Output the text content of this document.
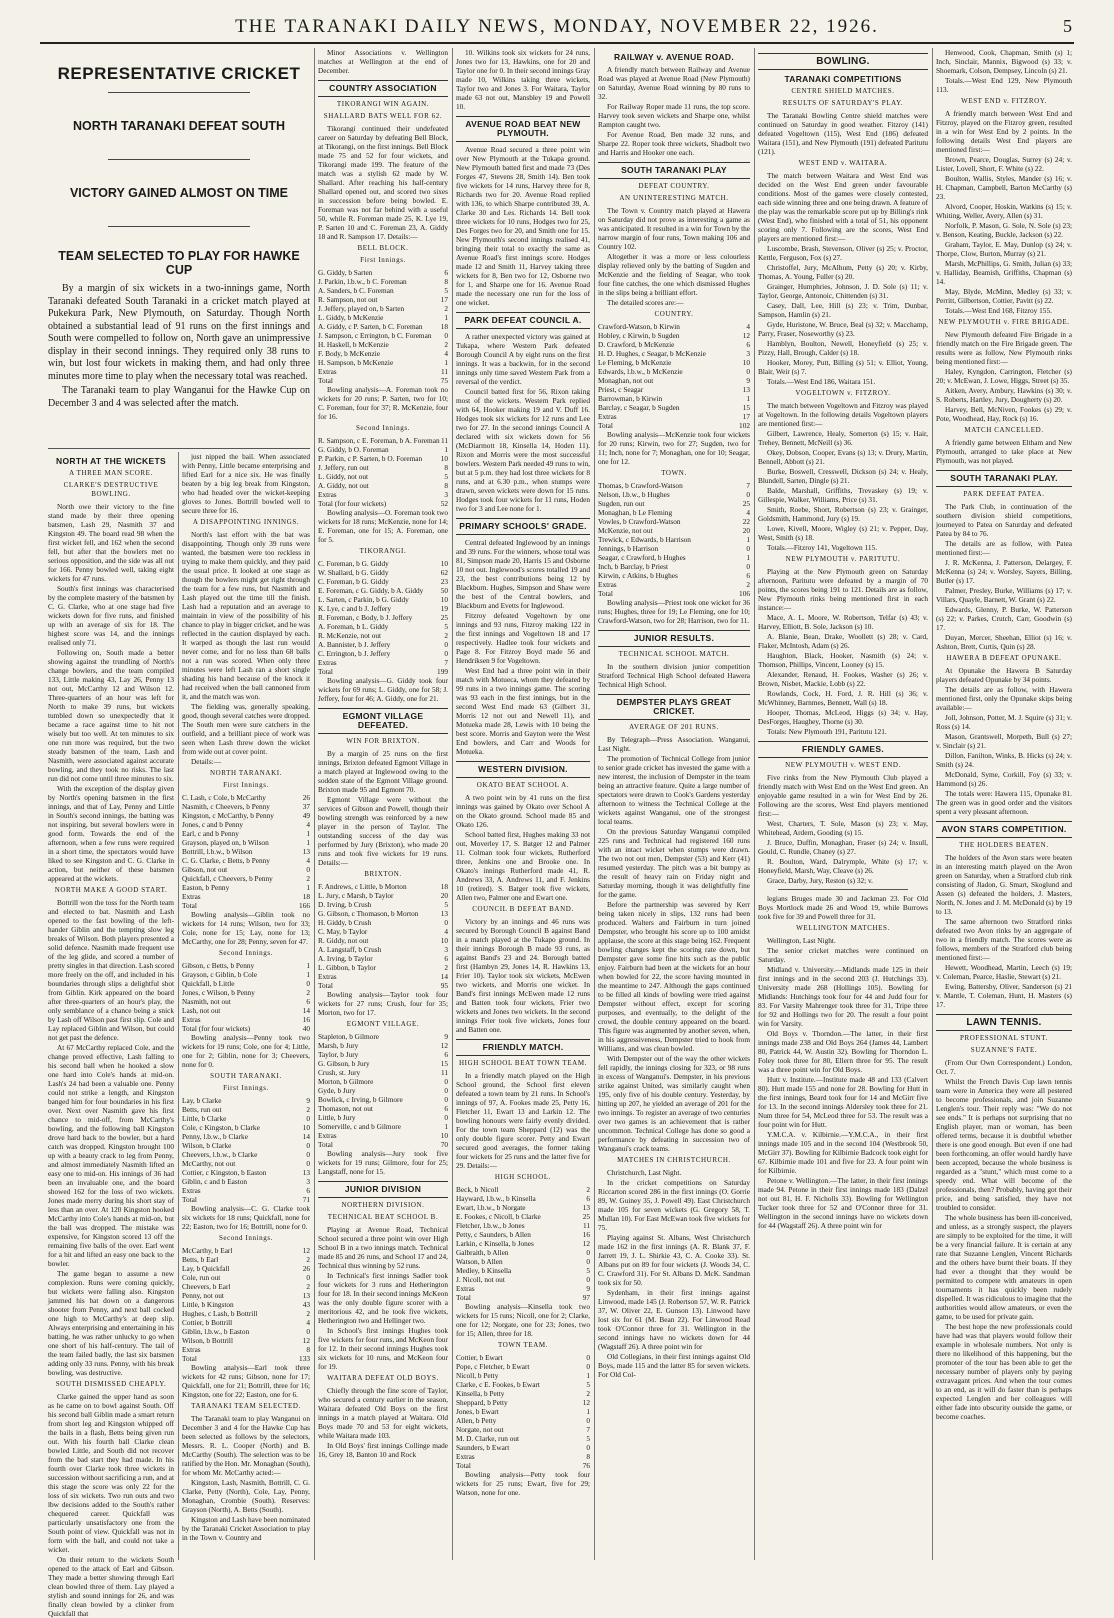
THE TARANAKI DAILY NEWS, MONDAY, NOVEMBER 22, 1926.	5
REPRESENTATIVE CRICKET
NORTH TARANAKI DEFEAT SOUTH
VICTORY GAINED ALMOST ON TIME
TEAM SELECTED TO PLAY FOR HAWKE CUP

By a margin of six wickets in a two-innings game, North Taranaki defeated South Taranaki in a cricket match played at Pukekura Park, New Plymouth, on Saturday. Though North obtained a substantial lead of 91 runs on the first innings and South were compelled to follow on, North gave an unimpressive display in their second innings. They required only 38 runs to win, but lost four wickets in making them, and had only three minutes more time to play when the necessary total was reached.

The Taranaki team to play Wanganui for the Hawke Cup on December 3 and 4 was selected after the match.

NORTH AT THE WICKETS
A THREE MAN SCORE.
CLARKE'S DESTRUCTIVE BOWLING.

North owe their victory to the fine stand made by their three opening batsmen, Lash 29, Nasmith 37 and Kingston 49. The board read 98 when the first wicket fell, and 162 when the second fell, but after that the bowlers met no serious opposition, and the side was all out for 166. Penny bowled well, taking eight wickets for 47 runs.

South's first innings was characterised by the complete mastery of the batsmen by C. G. Clarke, who at one stage had five wickets down for five runs, and finished up with an average of six for 18. The highest score was 14, and the innings realised only 71.

Following on, South made a better showing against the trundling of North's change bowlers, and the team compiled 133, Little making 43, Lay 26, Penny 13 not out, McCarthy 12 and Wilson 12. Three-quarters of an hour was left for North to make 39 runs, but wickets tumbled down so unexpectedly that it became a race against time to hit not wisely but too well. At ten minutes to six one run more was required, but the two steady batsmen of the team, Lash and Nasmith, were associated against accurate bowling, and they took no risks. The last run did not come until three minutes to six.

With the exception of the display given by North's opening batsmen in the first innings, and that of Lay, Penny and Little in South's second innings, the batting was not inspiring, but several bowlers were in good form. Towards the end of the afternoon, when a few runs were required in a short time, the spectators would have liked to see Kingston and C. G. Clarke in action, but neither of these batsmen appeared at the wickets.

NORTH MAKE A GOOD START.

Bottrill won the toss for the North team and elected to bat. Nasmith and Lash opened to the fast bowling of the left-hander Giblin and the tempting slow leg breaks of Wilson. Both players presented a solid defence. Nasmith made frequent use of the leg glide, and scored a number of pretty singles in that direction. Lash scored more freely on the off, and included in his boundaries through slips a delightful shot from Giblin. Kirk appeared on the board after three-quarters of an hour's play, the only semblance of a chance being a snick by Lash off Wilson past first slip. Cole and Lay replaced Giblin and Wilson, but could not get past the defence.

At 67 McCarthy replaced Cole, and the change proved effective, Lash falling to his second ball when he hooked a slow one hard into Cole's hands at mid-on. Lash's 24 had been a valuable one. Penny could not strike a length, and Kingston banged him for four boundaries in his first over. Next over Nasmith gave his first chance to mid-off, from McCarthy's bowling, and the following ball Kingston drove hard back to the bowler, but a hard catch was dropped. Kingston brought 100 up with a beauty crack to leg from Penny, and almost immediately Nasmith lifted an easy one to mid-on. His innings of 36 had been an invaluable one, and the board showed 162 for the loss of two wickets. Jones made merry during his short stay of less than an over. At 120 Kingston hooked McCarthy into Cole's hands at mid-on, but the ball was dropped. The mistake was expensive, for Kingston scored 13 off the remaining five balls of the over. Earl went for a hit and lifted an easy one back to the bowler.

The game began to assume a new complexion. Runs were coming quickly, but wickets were falling also. Kingston jammed his bat down on a dangerous shooter from Penny, and next ball cocked one high to McCarthy's at deep slip. Always enterprising and entertaining in his batting, he was rather unlucky to go when one short of his half-century. The tail of the team failed badly, the last six batsmen adding only 33 runs. Penny, with his break bowling, was destructive.

SOUTH DISMISSED CHEAPLY.

Clarke gained the upper hand as soon as he came on to bowl against South. Off his second ball Giblin made a smart return from short leg and Kingston whipped off the bails in a flash, Betts being given run out. With his fourth ball Clarke clean bowled Little, and South did not recover from the bad start they had made. In his fourth over Clarke took three wickets in succession without sacrificing a run, and at this stage the score was only 22 for the loss of six wickets. Two run outs and two lbw decisions added to the South's rather chequered career. Quickfall was particularly unsatisfactory one from the South point of view. Quickfall was not in form with the ball, and could not take a wicket.

On their return to the wickets South opened to the attack of Earl and Gibson. They made a better showing through Earl clean bowled three of them. Lay played a stylish and sound innings for 26, and was finally clean bowled by a clinker from Quickfall that

just nipped the bail. When associated with Penny, Little became enterprising and lifted Earl for a nice six. He was finally beaten by a big leg break from Kingston, who had headed over the wicket-keeping gloves to Jones. Bottrill bowled well to secure three for 16.

A DISAPPOINTING INNINGS.

North's last effort with the bat was disappointing. Though only 39 runs were wanted, the batsmen were too reckless in trying to make them quickly, and they paid the usual price. It looked at one stage as though the bowlers might get right through the team for a few runs, but Nasmith and Lash played out the time till the finish. Lash had a reputation and an average to maintain in view of the possibility of his chance to play in bigger cricket, and he was reflected in the caution displayed by each. It warped as though the last run would never come, and for no less than 68 balls not a run was scored. When only three minutes were left Lash ran a short single shading his hand because of the knock it had received when the ball cannoned from it, and the match was won.

The fielding was, generally speaking, good, though several catches were dropped. The South men were sure catchers in the outfield, and a brilliant piece of work was seen when Lash threw down the wicket from wide out at cover point.

Details:—

NORTH TARANAKI.
First Innings.
C. Lash, c Cole, b McCarthy	26
Nasmith, c Cheevers, b Penny	37
Kingston, c McCarthy, b Penny	49
Jones, c and b Penny	4
Earl, c and b Penny	1
Grayson, played on, b Wilson	1
Bottrill, l.b.w., b Wilson	13
C. G. Clarke, c Betts, b Penny	4
Gibson, not out	0
Quickfall, c Cheevers, b Penny	2
Easton, b Penny	1
Extras	18
Total	166

Bowling analysis—Giblin took no wickets for 14 runs; Wilson, two for 33; Cole, none for 15; Lay, none for 13; McCarthy, one for 28; Penny, seven for 47.

Second Innings.
Gibson, c Betts, b Penny	1
Grayson, c Giblin, b Cole	1
Quickfall, b Little	0
Jones, c Wilson, b Penny	2
Nasmith, not out	6
Lash, not out	14
Extras	16
Total (for four wickets)	40

Bowling analysis—Penny took two wickets for 19 runs; Cole, one for 4; Little, one for 2; Giblin, none for 3; Cheevers, none for 0.

SOUTH TARANAKI.
First Innings.
Lay, b Clarke	9
Betts, run out	2
Little, b Clarke	0
Cole, c Kingston, b Clarke	10
Penny, l.b.w., b Clarke	14
Wilson, b Clarke	0
Cheevers, l.b.w., b Clarke	0
McCarthy, not out	0
Cottier, c Kingston, b Easton	13
Giblin, c and b Easton	3
Extras	6
Total	71

Bowling analysis—C. G. Clarke took six wickets for 18 runs; Quickfall, none for 22; Easton, two for 16; Bottrill, none for 0.

Second Innings.
McCarthy, b Earl	12
Betts, b Earl	2
Lay, b Quickfall	26
Cole, run out	0
Cheevers, b Earl	2
Penny, not out	13
Little, b Kingston	43
Hughes, c Lash, b Bottrill	2
Cottier, b Bottrill	4
Giblin, l.b.w., b Easton	0
Wilson, b Bottrill	12
Extras	8
Total	133

Bowling analysis—Earl took three wickets for 42 runs; Gibson, none for 17; Quickfall, one for 21; Bottrill, three for 16; Kingston, one for 22; Easton, one for 6.

TARANAKI TEAM SELECTED.

The Taranaki team to play Wanganui on December 3 and 4 for the Hawke Cup has been selected as follows by the selectors, Messrs. R. L. Cooper (North) and B. McCarthy (South). The selection was to be ratified by the Hon. Mr. Monaghan (South), for whom Mr. McCarthy acted:—

Kingston, Lash, Nasmith, Bottrill, C. G. Clarke, Petty (North), Cole, Lay, Penny, Monaghan, Crombie (South). Reserves: Grayson (North), A. Betts (South).

Kingston and Lash have been nominated by the Taranaki Cricket Association to play in the Town v. Country and

Minor Associations v. Wellington matches at Wellington at the end of December.

COUNTRY ASSOCIATION
TIKORANGI WIN AGAIN.
SHALLARD BATS WELL FOR 62.

Tikorangi continued their undefeated career on Saturday by defeating Bell Block, at Tikorangi, on the first innings. Bell Block made 75 and 52 for four wickets, and Tikorangi made 199. The feature of the match was a stylish 62 made by W. Shallard. After reaching his half-century Shallard opened out, and scored two sixes in succession before being bowled. E. Foreman was not far behind with a useful 50, while R. Foreman made 25, K. Lye 19, P. Sarten 10 and C. Foreman 23, A. Giddy 18 and R. Sampson 17. Details:—

BELL BLOCK.
First Innings.
G. Giddy, b Sarten	6
J. Parkin, l.b.w., b C. Foreman	8
A. Sanders, b C. Foreman	5
R. Sampson, not out	17
J. Jeffery, played on, b Sarten	2
L. Giddy, b McKenzie	1
A. Giddy, c P. Sarten, b C. Foreman 18
J. Sampson, c Errington, b C. Foreman 0
H. Haskell, b McKenzie	2
F. Body, b McKenzie	4
H. Sampson, b McKenzie	1
Extras	11
Total	75

Bowling analysis—A. Foreman took no wickets for 20 runs; P. Sarten, two for 10; C. Foreman, four for 37; R. McKenzie, four for 16.

Second Innings.
R. Sampson, c E. Foreman, b A. Foreman 11
G. Giddy, b O. Foreman	1
P. Parkin, c P. Sarten, b O. Foreman	10
J. Jeffery, run out	8
L. Giddy, not out	5
A. Giddy, not out	8
Extras	3
Total (for four wickets)	52

Bowling analysis—O. Foreman took two wickets for 18 runs; McKenzie, none for 14; E. Foreman, one for 15; A. Foreman, one for 5.

TIKORANGI.
C. Foreman, b G. Giddy	10
W. Shallard, b G. Giddy	62
C. Foreman, b G. Giddy	23
E. Foreman, c G. Giddy, b A. Giddy 50
L. Sarten, c Parkin, b G. Giddy	10
K. Lye, c and b J. Jeffery	19
R. Foreman, c Body, b J. Jeffery	25
A. Foreman, b L. Giddy	5
R. McKenzie, not out	2
A. Bannister, b J. Jeffery	0
C. Errington, b J. Jeffery	0
Extras	7
Total	199

Bowling analysis—G. Giddy took four wickets for 69 runs; L. Giddy, one for 58; J. Jeffery, four for 46; A. Giddy, one for 21.

EGMONT VILLAGE DEFEATED.
WIN FOR BRIXTON.

By a margin of 25 runs on the first innings, Brixton defeated Egmont Village in a match played at Inglewood owing to the sodden state of the Egmont Village ground. Brixton made 95 and Egmont 70.

Egmont Village were without the services of Gibson and Powell, though their bowling strength was reinforced by a new player in the person of Taylor. The outstanding success of the day was performed by Jury (Brixton), who made 20 runs and took five wickets for 19 runs. Details:—

BRIXTON.
F. Andrews, c Little, b Morton	18
L. Jury, c Marsh, b Taylor	20
D. Irving, b Crush	5
G. Gibson, c Thomason, b Morton	13
H. Giddy, b Crush	0
C. May, b Taylor	4
R. Giddy, not out	10
A. Langstaff, b Crush	3
A. Irving, b Taylor	6
L. Gibbon, b Taylor	2
Extras	14
Total	95

Bowling analysis—Taylor took four wickets for 27 runs; Crush, four for 35; Morton, two for 17.

EGMONT VILLAGE.
Stapleton, b Gilmore	9
Marsh, b Jury	12
Taylor, b Jury	6
G. Gibson, b Jury	15
Crush, st. Jury	11
Morton, b Gilmore	0
Gyde, b Jury	0
Bowlick, c Irving, b Gilmore	0
Thomason, not out	6
Little, b Jury	0
Somerville, c and b Gilmore	1
Extras	10
Total	70

Bowling analysis—Jury took five wickets for 19 runs; Gilmore, four for 25; Langstaff, none for 15.

JUNIOR DIVISION
NORTHERN DIVISION.
TECHNICAL BEAT SCHOOL B.

Playing at Avenue Road, Technical School secured a three point win over High School B in a two innings match. Technical made 85 and 26 runs, and School 17 and 24, Technical thus winning by 52 runs.

In Technical's first innings Sadler took four wickets for 3 runs and Hetherington four for 18. In their second innings McKeon was the only double figure scorer with a meritorious 42, and he took five wickets, Hetherington two and Hellinger two.

In School's first innings Hughes took five wickets for four runs, and McKeon four for 12. In their second innings Hughes took six wickets for 10 runs, and McKeon four for 19.

WAITARA DEFEAT OLD BOYS.

Chiefly through the fine score of Taylor, who secured a century earlier in the season, Waitara defeated Old Boys on the first innings in a match played at Waitara. Old Boys made 70 and 53 for eight wickets, while Waitara made 103.

In Old Boys' first innings Collinge made 16, Grey 18, Banton 10 and Rock

10. Wilkins took six wickets for 24 runs, Jones two for 13, Hawkins, one for 20 and Taylor one for 0. In their second innings Gray made 10, Wilkins taking three wickets, Taylor two and Jones 3. For Waitara, Taylor made 63 not out, Mansbley 19 and Powell 10.

AVENUE ROAD BEAT NEW PLYMOUTH.

Avenue Road secured a three point win over New Plymouth at the Tukapa ground. New Plymouth batted first and made 73 (Des Forges 47, Stevens 28, Smith 14). Ben took five wickets for 14 runs, Harvey three for 8, Richards two for 20. Avenue Road replied with 136, to which Sharpe contributed 39, A. Clarke 30 and Les. Richards 14. Bell took three wickets for 10 runs, Hodges two for 25, Des Forges two for 20, and Smith one for 15. New Plymouth's second innings realised 41, bringing their total to exactly the same as Avenue Road's first innings score. Hodges made 12 and Smith 11, Harvey taking three wickets for 8, Ben two for 12, Osborne two for 1, and Sharpe one for 16. Avenue Road made the necessary one run for the loss of one wicket.

PARK DEFEAT COUNCIL A.

A rather unexpected victory was gained at Tukapa, where Western Park defeated Borough Council A by eight runs on the first innings. It was a backwin, for in the second innings only time saved Western Park from a reversal of the verdict.

Council batted first for 56, Rixon taking most of the wickets. Western Park replied with 64, Hooker making 19 and V. Duff 16. Hodges took six wickets for 12 runs and Lee two for 27. In the second innings Council A declared with six wickets down for 56 (McDiarmott 18, Kinsella 14, Hoden 11). Rixon and Morris were the most successful bowlers. Western Park needed 49 runs to win, but at 5 p.m. they had lost three wickets for 8 runs, and at 6.30 p.m., when stumps were drawn, seven wickets were down for 15 runs. Hodges took four wickets for 11 runs, Hoden two for 3 and Lee none for 1.

PRIMARY SCHOOLS' GRADE.

Central defeated Inglewood by an innings and 39 runs. For the winners, whose total was 81, Simpson made 20, Harris 15 and Osborne 10 not out. Inglewood's scores totalled 19 and 23, the best contributions being 12 by Blackburn. Hughes, Simpson and Shaw were the best of the Central bowlers, and Blackburn and Evetts for Inglewood.

Fitzroy defeated Vogeltown by one innings and 93 runs, Fitzroy making 122 in the first innings and Vogeltown 18 and 17 respectively. Hadlee took four wickets and Page 8. For Fitzroy Boyd made 56 and Hendriksen 9 for Vogeltown.

West End had a three point win in their match with Motueca, whom they defeated by 99 runs in a two innings game. The scoring was 93 each in the first innings, but in the second West End made 63 (Gilbert 31, Morris 12 not out and Newell 11), and Motueka made 28, Lewis with 10 being the best score. Morris and Gayton were the West End bowlers, and Carr and Woods for Motueka.

WESTERN DIVISION.
OKATO BEAT SCHOOL A.

A two point win by 41 runs on the first innings was gained by Okato over School A on the Okato ground. School made 85 and Okato 126.

School batted first, Hughes making 33 not out, Moverley 17, S. Batger 12 and Palmer 11. Colman took four wickets, Rutherford three, Jenkins one and Brooke one. In Okato's innings Rutherford made 41, R. Andrews 33, A. Andrews 11, and F. Jenkins 10 (retired). S. Batger took five wickets, Allen two, Palmer one and Ewart one.

COUNCIL B DEFEAT BAND.

Victory by an innings and 46 runs was secured by Borough Council B against Band in a match played at the Tukapo ground. In their innings Borough B made 93 runs, as against Band's 23 and 24. Borough batted first (Hambyn 29, Jones 14, R. Hawkins 13, Frier 10). Taylor took six wickets, McEwen two wickets, and Morris one wicket. In Band's first innings McEwen made 12 runs and Batten took four wickets, Frier two wickets and Jones two wickets. In the second innings Frier took five wickets, Jones four and Batten one.

FRIENDLY MATCH.
HIGH SCHOOL BEAT TOWN TEAM.

In a friendly match played on the High School ground, the School first eleven defeated a town team by 21 runs. In School's innings of 97, A. Fookes made 25, Petty 16, Fletcher 11, Ewart 13 and Larkin 12. The bowling honours were fairly evenly divided. For the town team Sheppard (12) was the only double figure scorer. Petty and Ewart secured good averages, the former taking four wickets for 25 runs and the latter five for 29. Details:—

HIGH SCHOOL.
Beck, b Nicoll	2
Hayward, l.b.w., b Kinsella	6
Ewart, l.b.w., b Norgate	13
E. Fookes, c Nicoll, b Clarke	25
Fletcher, l.b.w., b Jones	11
Petty, c Saunders, b Allen	16
Larkin, c Kinsella, b Jones	12
Galbraith, b Allen	0
Watson, b Allen	0
Medley, b Kinsella	5
J. Nicoll, not out	0
Extras	9
Total	97

Bowling analysis—Kinsella took two wickets for 15 runs; Nicoll, one for 2; Clarke, one for 12; Norgate, one for 23; Jones, two for 15; Allen, three for 18.

TOWN TEAM.
Cottier, b Ewart	0
Pope, c Fletcher, b Ewart	0
Nicoll, b Petty	1
Clarke, c E. Fookes, b Ewart	5
Kinsella, b Petty	2
Sheppard, b Petty	12
Jones, b Ewart	1
Allen, b Petty	0
Norgate, not out	7
M. D. Clarke, run out	5
Saunders, b Ewart	0
Extras	8
Total	76

Bowling analysis—Petty took four wickets for 25 runs; Ewart, five for 29; Watson, none for one.

RAILWAY v. AVENUE ROAD.

A friendly match between Railway and Avenue Road was played at Avenue Road (New Plymouth) on Saturday, Avenue Road winning by 80 runs to 32.

For Railway Roper made 11 runs, the top score. Harvey took seven wickets and Sharpe one, whilst Rampton caught two.

For Avenue Road, Ben made 32 runs, and Sharpe 22. Roper took three wickets, Shadbolt two and Harris and Hooker one each.

SOUTH TARANAKI PLAY
DEFEAT COUNTRY.
AN UNINTERESTING MATCH.

The Town v. Country match played at Hawera on Saturday did not prove as interesting a game as was anticipated. It resulted in a win for Town by the narrow margin of four runs, Town making 106 and Country 102.

Altogether it was a more or less colourless display relieved only by the batting of Sugden and McKenzie and the fielding of Seagar, who took four fine catches, the one which dismissed Hughes in the slips being a brilliant effort.

The detailed scores are:—

COUNTRY.
Crawford-Watson, b Kirwin	4
Hobley, c Kirwin, b Sugden	12
D. Crawford, b McKenzie	6
H. D. Hughes, c Seagar, b McKenzie	3
Le Fleming, b McKenzie	10
Edwards, l.b.w., b McKenzie	0
Monaghan, not out	9
Priest, c Seagar	13
Barrowman, b Kirwin	1
Barclay, c Seagar, b Sugden	15
Extras	17
Total	102

Bowling analysis—McKenzie took four wickets for 20 runs; Kirwin, two for 27; Sugden, two for 11; Inch, none for 7; Monaghan, one for 10; Seagar, one for 12.

TOWN.
Thomas, b Crawford-Watson	7
Nelson, l.b.w., b Hughes	0
Sugden, run out	25
Monaghan, b Le Fleming	4
Vowles, b Crawford-Watson	22
McKenzie, not out	20
Trewick, c Edwards, b Harrison	1
Jennings, b Harrison	0
Seagar, c Crawford, b Hughes	1
Inch, b Barclay, b Priest	0
Kirwin, c Atkins, b Hughes	6
Extras	2
Total	106

Bowling analysis—Priest took one wicket for 36 runs; Hughes, three for 19; Le Fleming, one for 10; Crawford-Watson, two for 28; Harrison, two for 11.

JUNIOR RESULTS.
TECHNICAL SCHOOL MATCH.

In the southern division junior competition Stratford Technical High School defeated Hawera Technical High School.

DEMPSTER PLAYS GREAT CRICKET.
AVERAGE OF 201 RUNS.

By Telegraph—Press Association. Wanganui, Last Night.

The promotion of Technical College from junior to senior grade cricket has invested the game with a new interest, the inclusion of Dempster in the team being an attractive feature. Quite a large number of spectators were drawn to Cook's Gardens yesterday afternoon to witness the Technical College at the wickets against Wanganui, one of the strongest local teams.

On the previous Saturday Wanganui compiled 225 runs and Technical had registered 160 runs with an intact wicket when stumps were drawn. The two not out men, Dempster (53) and Kerr (41) resumed yesterday. The pitch was a bit bumpy as the result of heavy rain on Friday night and Saturday morning, though it was delightfully fine for the game.

Before the partnership was severed by Kerr being taken nicely in slips, 132 runs had been produced. Walters and Fairburn in turn joined Dempster, who brought his score up to 100 amidst applause, the score at this stage being 162. Frequent bowling changes kept the scoring rate down, but Dempster gave some fine hits such as the public enjoy. Fairburn had been at the wickets for an hour when bowled for 22, the score having mounted in the meantime to 247. Although the gaps continued to be filled all kinds of bowling were tried against Dempster without effect, except for scoring purposes, and eventually, to the delight of the crowd, the double century appeared on the board. This figure was augmented by another seven, when, in his aggressiveness, Dempster tried to hook from Williams, and was clean bowled.

With Dempster out of the way the other wickets fell rapidly, the innings closing for 323, or 98 runs in excess of Wanganui's. Dempster, in his previous strike against United, was similarly caught when 195, only five of his double century. Yesterday, by hitting up 207, he yielded an average of 201 for the two innings. To register an average of two centuries over two games is an achievement that is rather uncommon. Technical College has done so good a performance by defeating in succession two of Wanganui's crack teams.

MATCHES IN CHRISTCHURCH.

Christchurch, Last Night.

In the cricket competitions on Saturday Riccarton scored 286 in the first innings (O. Gorrie 89, W. Guiney 35, J. Powell 49). East Christchurch made 105 for seven wickets (G. Gregory 58, T. Mullan 10). For East McEwan took five wickets for 75.

Playing against St. Albans, West Christchurch made 162 in the first innings (A. R. Blank 37, F. Jarrett 19, J. L. Shirkie 43, C. A. Cooke 33). St. Albans put on 89 for four wickets (J. Woods 34, C. C. Crawford 31). For St. Albans D. McK. Sandman took six for 50.

Sydenham, in their first innings against Linwood, made 145 (J. Robertson 57, W. R. Patrick 37, W. Oliver 22, E. Gunson 13). Linwood have lost six for 61 (M. Bean 22). For Linwood Read took O'Connor three for 31. Wellington in the second innings have no wickets down for 44 (Wagstaff 26). A three point win for

Old Collegians, in their first innings against Old Boys, made 115 and the latter 85 for seven wickets. For Old Col-

BOWLING.
TARANAKI COMPETITIONS
CENTRE SHIELD MATCHES.
RESULTS OF SATURDAY'S PLAY.

The Taranaki Bowling Centre shield matches were continued on Saturday in good weather. Fitzroy (141) defeated Vogeltown (115), West End (186) defeated Waitara (151), and New Plymouth (191) defeated Paritutu (121).

WEST END v. WAITARA.

The match between Waitara and West End was decided on the West End green under favourable conditions. Most of the games were closely contested, each side winning three and one being drawn. A feature of the play was the remarkable score put up by Billing's rink (West End), who finished with a total of 51, his opponent scoring only 7. Following are the scores, West End players are mentioned first:—

Luscombe, Brash, Stevenson, Oliver (s) 25; v. Proctor, Kettle, Ferguson, Fox (s) 27.

Christoffel, Jury, McAlhum, Petty (s) 20; v. Kirby, Thomas, A. Young, Fuller (s) 20.

Grainger, Humphries, Johnson, J. D. Sole (s) 11; v. Taylor, George, Antonoic, Chittenden (s) 31.

Casey, Dall, Lee, Hill (s) 23; v. Trim, Dunbar, Sampson, Hamlin (s) 21.

Gyde, Huristone, W. Bruce, Beal (s) 32; v. Macchamp, Parry, Fraser, Noseworthy (s) 23.

Hamblyn, Boulton, Newell, Honeyfield (s) 25; v. Pizzy, Hall, Brough, Calder (s) 18.

Hooker, Morey, Putt, Billing (s) 51; v. Elliot, Young, Blair, Weir (s) 7.

Totals.—West End 186, Waitara 151.

VOGELTOWN v. FITZROY.

The match between Vogeltown and Fitzroy was played at Vogeltown. In the following details Vogeltown players are mentioned first:—

Gilbert, Lawrence, Healy, Somerton (s) 15; v. Hair, Trehey, Bennett, McNeill (s) 36.

Okey, Dobson, Cooper, Evans (s) 13; v. Drury, Martin, Bennell, Abbott (s) 21.

Burke, Boswell, Cresswell, Dickson (s) 24; v. Healy, Blundell, Sarten, Dingle (s) 21.

Balde, Marshall, Griffiths, Trevaskey (s) 19; v. Gillespie, Walker, Williams, Price (s) 31.

Smith, Roebe, Short, Robertson (s) 23; v. Grainger, Goldsmith, Hammond, Jury (s) 19.

Lowe, Kivell, Moore, Wigley (s) 21; v. Pepper, Day, West, Smith (s) 18.

Totals.—Fitzroy 141, Vogeltown 115.

NEW PLYMOUTH v. PARITUTU.

Playing at the New Plymouth green on Saturday afternoon, Paritutu were defeated by a margin of 70 points, the scores being 191 to 121. Details are as follow, New Plymouth rinks being mentioned first in each instance:—

Mace, A. L. Moore, W. Robertson, Telfar (s) 43; v. Harvey, Elliott, B. Sole, Jackson (s) 10.

A. Blanie, Bean, Drake, Woollett (s) 28; v. Card, Flaker, McIntosh, Adam (s) 26.

Haughton, Black, Hooker, Nasmith (s) 24; v. Thomson, Phillips, Vincent, Looney (s) 15.

Alexander, Renaud, H. Fookes, Washer (s) 26; v. Brown, Nisbet, Mackie, Lobb (s) 22.

Rowlands, Cock, H. Ford, J. R. Hill (s) 36; v. McWhinney, Barnmes, Bennett, Wall (s) 18.

Hooper, Thomas, McLeod, Higgs (s) 34; v. Hay, DesForges, Haughey, Thorne (s) 30.

Totals: New Plymouth 191, Paritutu 121.

FRIENDLY GAMES.
NEW PLYMOUTH v. WEST END.

Five rinks from the New Plymouth Club played a friendly match with West End on the West End green. An enjoyable game resulted in a win for West End by 26. Following are the scores, West End players mentioned first:—

West, Charters, T. Sole, Mason (s) 23; v. May, Whitehead, Ardern, Gooding (s) 15.

J. Bruce, Duffin, Monaghan, Fraser (s) 24; v. Insull, Gould, C. Rundle, Chaney (s) 27.

R. Boulton, Ward, Dalrymple, White (s) 17; v. Honeyfield, Marsh, Way, Cleave (s) 26.

Grace, Darby, Jury, Reston (s) 32; v.

legians Bruges made 30 and Jackman 23. For Old Boys Mortlock made 26 and Wood 19, while Burrows took five for 39 and Powell three for 31.

WELLINGTON MATCHES.

Wellington, Last Night.

The senior cricket matches were continued on Saturday.

Midland v. University.—Midlands made 125 in their first innings and in the second 203 (J. Hutchings 33). University made 268 (Hollings 105). Bowling for Midlands: Hutchings took four for 44 and Judd four for 83. For Varsity Mahrenger took three for 31, Tripe three for 92 and Hollings two for 20. The result a four point win for Varsity.

Old Boys v. Thorndon.—The latter, in their first innings made 238 and Old Boys 264 (James 44, Lambert 80, Patrick 44, W. Austin 32). Bowling for Thorndon L. Foley took three for 80, Ellern three for 95. The result was a three point win for Old Boys.

Hutt v. Institute.—Institute made 48 and 133 (Calvert 80). Hutt made 155 and none for 28. Bowling for Hutt in the first innings, Beard took four for 14 and McGirr five for 13. In the second innings Aldersley took three for 21. Num three for 54, McLeod three for 53. The result was a four point win for Hutt.

Y.M.C.A. v. Kilbirnie.—Y.M.C.A., in their first innings made 105 and in the second 104 (Westbrook 50, McGirr 37). Bowling for Kilbirnie Badcock took eight for 67. Kilbirnie made 101 and five for 23. A four point win for Kilbirnie.

Petone v. Wellington.—The latter, in their first innings made 94. Petone in their first innings made 183 (Dalzel not out 81, H. F. Nicholls 33). Bowling for Wellington Tucker took three for 52 and O'Connor three for 31. Wellington in the second innings have no wickets down for 44 (Wagstaff 26). A three point win for

Henwood, Cook, Chapman, Smith (s) 1; Inch, Sinclair, Mannix, Bigwood (s) 33; v. Shoemark, Colson, Dempsey, Lincoln (s) 21.

Totals.—West End 129, New Plymouth 113.

WEST END v. FITZROY.

A friendly match between West End and Fitzroy, played on the Fitzroy green, resulted in a win for West End by 2 points. In the following details West End players are mentioned first:—

Brown, Pearce, Douglas, Surrey (s) 24; v. Lister, Lovell, Short, F. White (s) 22.

Boulton, Wallis, Styles, Mander (s) 16; v. H. Chapman, Campbell, Barton McCarthy (s) 23.

Alvord, Cooper, Hoskin, Watkins (s) 15; v. Whiting, Weller, Avery, Allen (s) 31.

Norfolk, P. Mason, G. Sole, N. Sole (s) 23; v. Benson, Keating, Buckle, Jackson (s) 22.

Graham, Taylor, E. May, Dunlop (s) 24; v. Thorpe, Clow, Burton, Murray (s) 21.

Marsh, McPhillips, G. Smith, Julian (s) 33; v. Halliday, Beamish, Griffiths, Chapman (s) 14.

May, Blyde, McMinn, Medley (s) 33; v. Perritt, Gilbertson, Cottier, Pavitt (s) 22.

Totals.—West End 168, Fitzroy 155.

NEW PLYMOUTH v. FIRE BRIGADE.

New Plymouth defeated Fire Brigade in a friendly match on the Fire Brigade green. The results were as follow, New Plymouth rinks being mentioned first:—

Haley, Kyngdon, Carrington, Fletcher (s) 20; v. McEwan, J. Lowe, Higgs, Street (s) 35.

Aitken, Avery, Ambury, Hawkins (s) 30; v. S. Roberts, Hartley, Jury, Dougherty (s) 20.

Harvey, Bell, McNiven, Fookes (s) 29; v. Pote, Woodhead, Hay, Rock (s) 16.

MATCH CANCELLED.

A friendly game between Eltham and New Plymouth, arranged to take place at New Plymouth, was not played.

SOUTH TARANAKI PLAY.
PARK DEFEAT PATEA.

The Park Club, in continuation of the southern division shield competitions, journeyed to Patea on Saturday and defeated Patea by 84 to 76.

The details are as follow, with Patea mentioned first:—

J. R. McKenna, J. Patterson, Delargey, F. McKenna (s) 24; v. Worsley, Sayers, Billing, Butler (s) 17.

Palmer, Presley, Burke, Williams (s) 17; v. Villars, Quayle, Barnett, W. Grant (s) 22.

Edwards, Glenny, P. Burke, W. Patterson (s) 22; v. Parkes, Crutch, Carr, Goodwin (s) 17.

Duyan, Mercer, Sheehan, Elliot (s) 16; v. Ashton, Brett, Curtis, Quin (s) 28.

HAWERA B DEFEAT OPUNAKE.

At Opunake the Hawera B Saturday players defeated Opunake by 34 points.

The details are as follow, with Hawera mentioned first, only the Opunake skips being available:—

Joll, Johnson, Potter, M. J. Squire (s) 31; v. Ross (s) 14.

Mason, Grantswell, Morpeth, Bull (s) 27; v. Sinclair (s) 21.

Dillon, Fanilton, Winks, B. Hicks (s) 24; v. Smith (s) 24.

McDonald, Syme, Corkill, Foy (s) 33; v. Hammond (s) 26.

The totals were: Hawera 115, Opunake 81. The green was in good order and the visitors spent a very pleasant afternoon.

AVON STARS COMPETITION.
THE HOLDERS BEATEN.

The holders of the Avon stars were beaten in an interesting match played on the Avon green on Saturday, when a Stratford club rink consisting of Jladon, G. Smart, Skoglund and Assen (s) defeated the holders, J. Masters, North, N. Jones and J. M. McDonald (s) by 19 to 13.

The same afternoon two Stratford rinks defeated two Avon rinks by an aggregate of two in a friendly match. The scores were as follows, members of the Stratford club being mentioned first:—

Hewett, Woodhead, Martin, Leech (s) 19; v. Coleman, Pearce, Haslie, Stewart (s) 21.

Ewing, Battersby, Oliver, Sanderson (s) 21 v. Mantle, T. Coleman, Hunt, H. Masters (s) 17.

LAWN TENNIS.
PROFESSIONAL STUNT.
SUZANNE'S FATE.

(From Our Own Correspondent.) London, Oct. 7.

Whilst the French Davis Cup lawn tennis team were in America they were all pestered to become professionals, and join Suzanne Lenglen's tour. Their reply was: "We do not see ends." It is perhaps not surprising that no English player, man or woman, has been offered terms, because it is doubtful whether there is one good enough. But even if one had been forthcoming, an offer would hardly have been accepted, because the whole business is regarded as a "stunt," which must come to a speedy end. What will become of the professionals, then? Probably, having got their price, and being satisfied, they have not troubled to consider.

The whole business has been ill-conceived, and unless, as a strongly suspect, the players are simply to be exploited for the time, it will be a very financial failure. It is certain at any rate that Suzanne Lenglen, Vincent Richards and the others have burnt their boats. If they had ever a thought that they would be permitted to compete with amateurs in open tournaments it has quickly been rudely dispelled. It was ridiculous to imagine that the authorities would allow amateurs, or even the game, to be used for private gain.

The best hope the new professionals could have had was that players would follow their example in wholesale numbers. Not only is there no likelihood of this happening, but the promoter of the tour has been able to get the necessary number of players only by paying extravagant prices. And when the tour comes to an end, as it will do faster than is perhaps expected Lenglen and her colleagues will either fade into obscurity outside the game, or become coaches.
